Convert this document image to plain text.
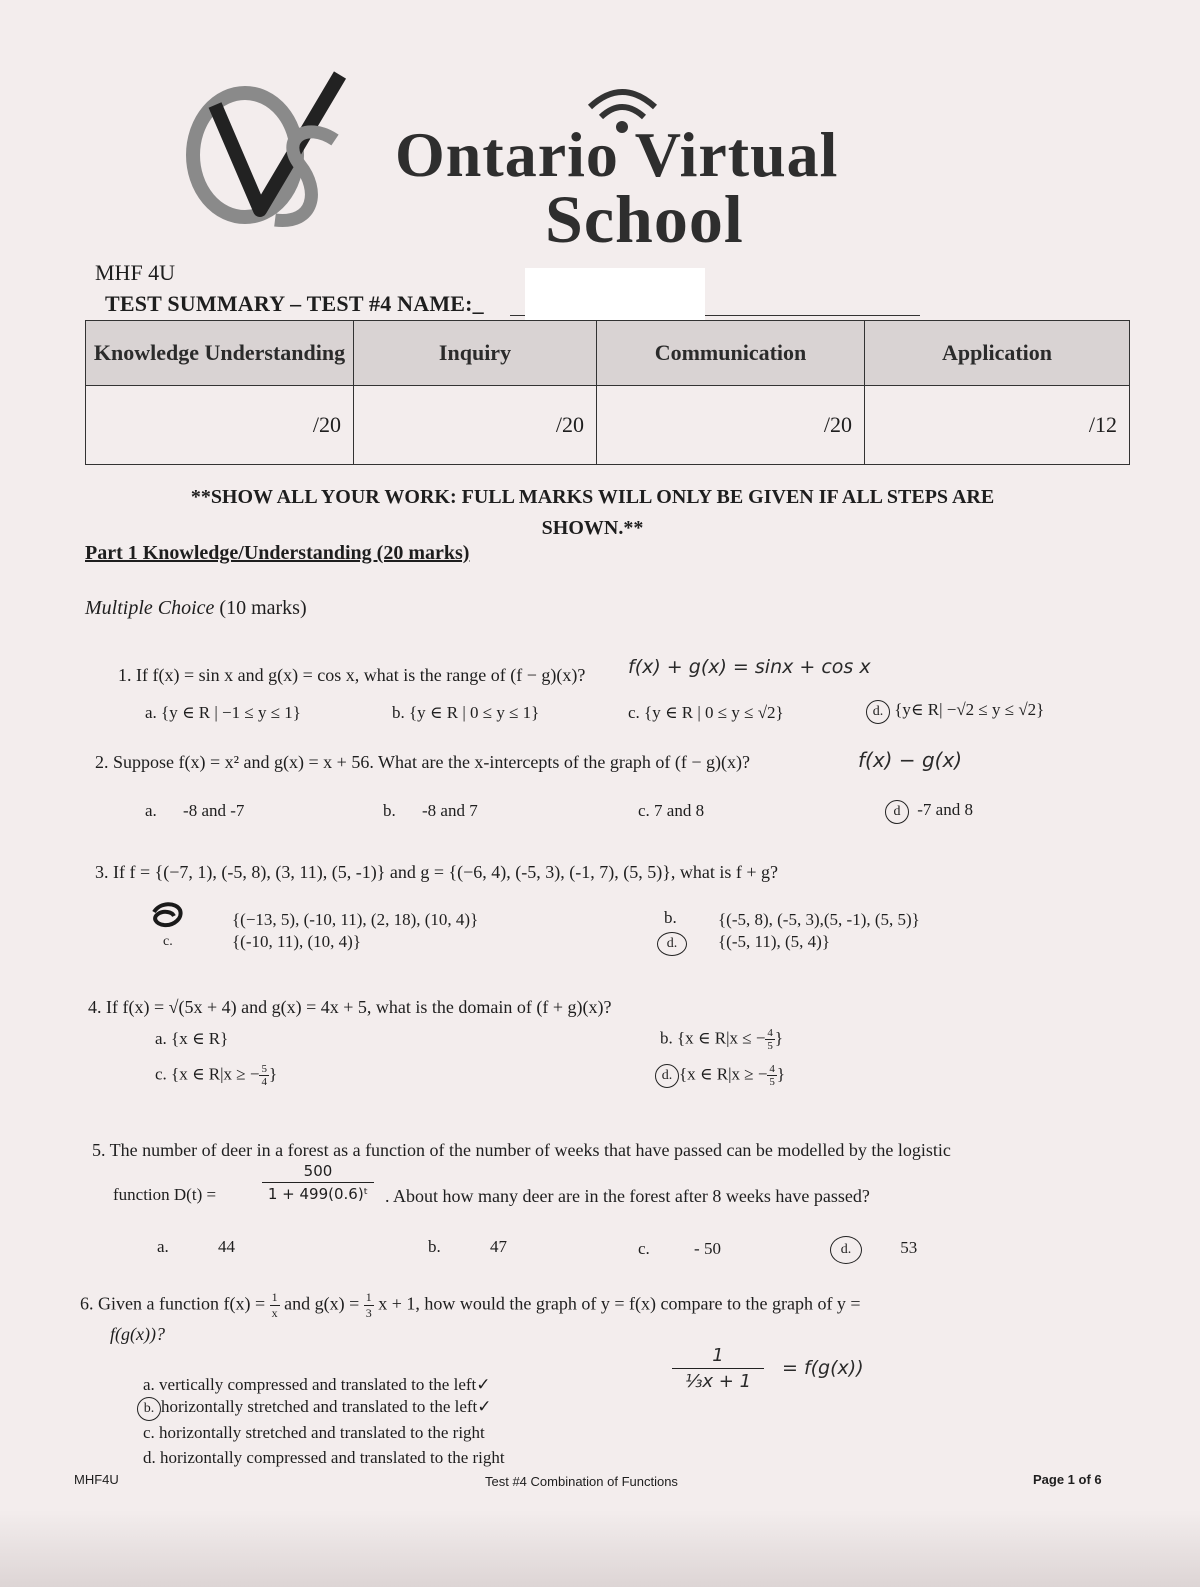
Ontario Virtual
School
MHF 4U
TEST SUMMARY – TEST #4 NAME:_
Knowledge Understanding	Inquiry	Communication	Application
/20	/20	/20	/12
**SHOW ALL YOUR WORK: FULL MARKS WILL ONLY BE GIVEN IF ALL STEPS ARE
SHOWN.**
Part 1 Knowledge/Understanding (20 marks)
Multiple Choice (10 marks)
1. If f(x) = sin x and g(x) = cos x, what is the range of (f − g)(x)? f(x) + g(x) = sinx + cos x
a. {y ∈ R | −1 ≤ y ≤ 1}	b. {y ∈ R | 0 ≤ y ≤ 1}	c. {y ∈ R | 0 ≤ y ≤ √2}	d. {y∈ R| −√2 ≤ y ≤ √2}
2. Suppose f(x) = x² and g(x) = x + 56. What are the x-intercepts of the graph of (f − g)(x)?	f(x) − g(x)
a. -8 and -7	b. -8 and 7	c. 7 and 8	d -7 and 8
3. If f = {(−7, 1), (-5, 8), (3, 11), (5, -1)} and g = {(−6, 4), (-5, 3), (-1, 7), (5, 5)}, what is f + g?
{(−13, 5), (-10, 11), (2, 18), (10, 4)}
c.	{(-10, 11), (10, 4)}
b. {(-5, 8), (-5, 3),(5, -1), (5, 5)}
d.	{(-5, 11), (5, 4)}
4. If f(x) = √(5x + 4) and g(x) = 4x + 5, what is the domain of (f + g)(x)?
a. {x ∈ R}	b. {x ∈ R|x ≤ − $\frac{4}{5}$ }
c. {x ∈ R|x ≥ − $\frac{5}{4}$ }	d. {x ∈ R|x ≥ − $\frac{4}{5}$ }
5. The number of deer in a forest as a function of the number of weeks that have passed can be modelled by the logistic
function D(t) =	$\frac{500}{\text{1 + 499(0.6)ᵗ}}$ . About how many deer are in the forest after 8 weeks have passed?
a.	44	b.	47	c.	- 50	d.	53
6. Given a function $f(x) = \frac{1}{x}$ and $g(x) = \frac{1}{3}$ x + 1, how would the graph of y = f(x) compare to the graph of y =
f(g(x))?
1
⅓x + 1
= f(g(x))
a. vertically compressed and translated to the left✓
b. horizontally stretched and translated to the left✓
c. horizontally stretched and translated to the right
d. horizontally compressed and translated to the right
MHF4U	Test #4 Combination of Functions	Page 1 of 6
